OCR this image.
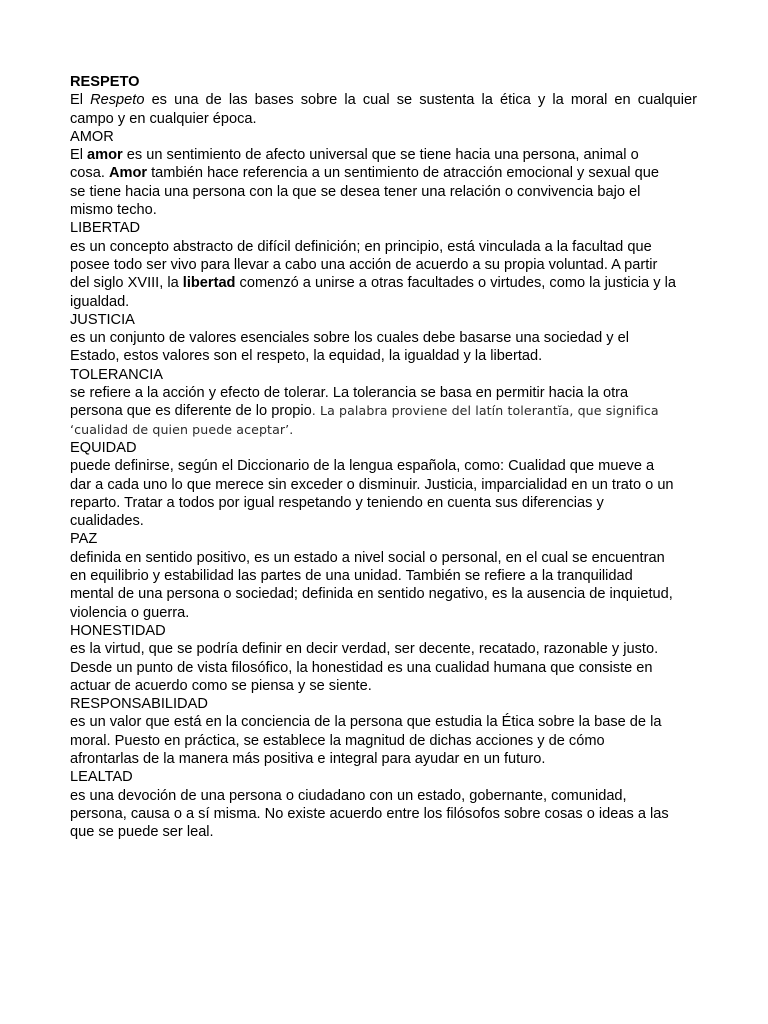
RESPETO
El Respeto es una de las bases sobre la cual se sustenta la ética y la moral en cualquier
campo y en cualquier época.
AMOR
El amor es un sentimiento de afecto universal que se tiene hacia una persona, animal o
cosa. Amor también hace referencia a un sentimiento de atracción emocional y sexual que
se tiene hacia una persona con la que se desea tener una relación o convivencia bajo el
mismo techo.
LIBERTAD
es un concepto abstracto de difícil definición; en principio, está vinculada a la facultad que
posee todo ser vivo para llevar a cabo una acción de acuerdo a su propia voluntad. A partir
del siglo XVIII, la libertad comenzó a unirse a otras facultades o virtudes, como la justicia y la
igualdad.
JUSTICIA
es un conjunto de valores esenciales sobre los cuales debe basarse una sociedad y el
Estado, estos valores son el respeto, la equidad, la igualdad y la libertad.
TOLERANCIA
se refiere a la acción y efecto de tolerar. La tolerancia se basa en permitir hacia la otra
persona que es diferente de lo propio. La palabra proviene del latín tolerantĭa, que significa
‘cualidad de quien puede aceptar’.
EQUIDAD
puede definirse, según el Diccionario de la lengua española, como: Cualidad que mueve a
dar a cada uno lo que merece sin exceder o disminuir. Justicia, imparcialidad en un trato o un
reparto. Tratar a todos por igual respetando y teniendo en cuenta sus diferencias y
cualidades.
PAZ
definida en sentido positivo, es un estado a nivel social o personal, en el cual se encuentran
en equilibrio y estabilidad las partes de una unidad. También se refiere a la tranquilidad
mental de una persona o sociedad; definida en sentido negativo, es la ausencia de inquietud,
violencia o guerra.
HONESTIDAD
es la virtud, que se podría definir en decir verdad, ser decente, recatado, razonable y justo.
Desde un punto de vista filosófico, la honestidad es una cualidad humana que consiste en
actuar de acuerdo como se piensa y se siente.
RESPONSABILIDAD
es un valor que está en la conciencia de la persona que estudia la Ética sobre la base de la
moral. Puesto en práctica, se establece la magnitud de dichas acciones y de cómo
afrontarlas de la manera más positiva e integral para ayudar en un futuro.
LEALTAD
es una devoción de una persona o ciudadano con un estado, gobernante, comunidad,
persona, causa o a sí misma. No existe acuerdo entre los filósofos sobre cosas o ideas a las
que se puede ser leal.
